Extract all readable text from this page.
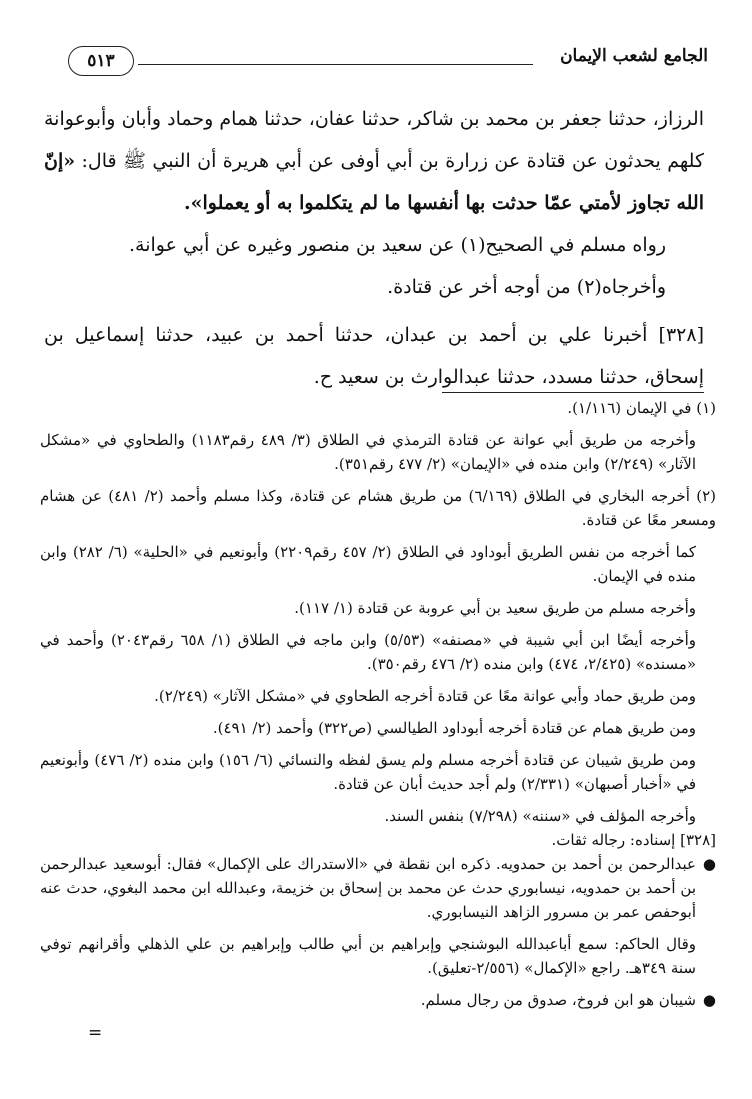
الجامع لشعب الإيمان
٥١٣

الرزاز، حدثنا جعفر بن محمد بن شاكر، حدثنا عفان، حدثنا همام وحماد وأبان وأبوعوانة كلهم يحدثون عن قتادة عن زرارة بن أبي أوفى عن أبي هريرة أن النبي ﷺ قال: «إنّ الله تجاوز لأمتي عمّا حدثت بها أنفسها ما لم يتكلموا به أو يعملوا».

رواه مسلم في الصحيح(١) عن سعيد بن منصور وغيره عن أبي عوانة.

وأخرجاه(٢) من أوجه أخر عن قتادة.

[٣٢٨] أخبرنا علي بن أحمد بن عبدان، حدثنا أحمد بن عبيد، حدثنا إسماعيل بن إسحاق، حدثنا مسدد، حدثنا عبدالوارث بن سعيد ح.

(١) في الإيمان (١/١١٦).

وأخرجه من طريق أبي عوانة عن قتادة الترمذي في الطلاق (٣/ ٤٨٩ رقم١١٨٣) والطحاوي في «مشكل الآثار» (٢/٢٤٩) وابن منده في «الإيمان» (٢/ ٤٧٧ رقم٣٥١).

(٢) أخرجه البخاري في الطلاق (٦/١٦٩) من طريق هشام عن قتادة، وكذا مسلم وأحمد (٢/ ٤٨١) عن هشام ومسعر معًا عن قتادة.

كما أخرجه من نفس الطريق أبوداود في الطلاق (٢/ ٤٥٧ رقم٢٢٠٩) وأبونعيم في «الحلية» (٦/ ٢٨٢) وابن منده في الإيمان.

وأخرجه مسلم من طريق سعيد بن أبي عروبة عن قتادة (١/ ١١٧).

وأخرجه أيضًا ابن أبي شيبة في «مصنفه» (٥/٥٣) وابن ماجه في الطلاق (١/ ٦٥٨ رقم٢٠٤٣) وأحمد في «مسنده» (٢/٤٢٥، ٤٧٤) وابن منده (٢/ ٤٧٦ رقم٣٥٠).

ومن طريق حماد وأبي عوانة معًا عن قتادة أخرجه الطحاوي في «مشكل الآثار» (٢/٢٤٩).

ومن طريق همام عن قتادة أخرجه أبوداود الطيالسي (ص٣٢٢) وأحمد (٢/ ٤٩١).

ومن طريق شيبان عن قتادة أخرجه مسلم ولم يسق لفظه والنسائي (٦/ ١٥٦) وابن منده (٢/ ٤٧٦) وأبونعيم في «أخبار أصبهان» (٢/٣٣١) ولم أجد حديث أبان عن قتادة.

وأخرجه المؤلف في «سننه» (٧/٢٩٨) بنفس السند.

[٣٢٨] إسناده: رجاله ثقات.

●
عبدالرحمن بن أحمد بن حمدويه. ذكره ابن نقطة في «الاستدراك على الإكمال» فقال: أبوسعيد عبدالرحمن بن أحمد بن حمدويه، نيسابوري حدث عن محمد بن إسحاق بن خزيمة، وعبدالله ابن محمد البغوي، حدث عنه أبوحفص عمر بن مسرور الزاهد النيسابوري.

وقال الحاكم: سمع أباعبدالله البوشنجي وإبراهيم بن أبي طالب وإبراهيم بن علي الذهلي وأقرانهم توفي سنة ٣٤٩هـ. راجع «الإكمال» (٢/٥٥٦-تعليق).

●
شيبان هو ابن فروخ، صدوق من رجال مسلم.
=
